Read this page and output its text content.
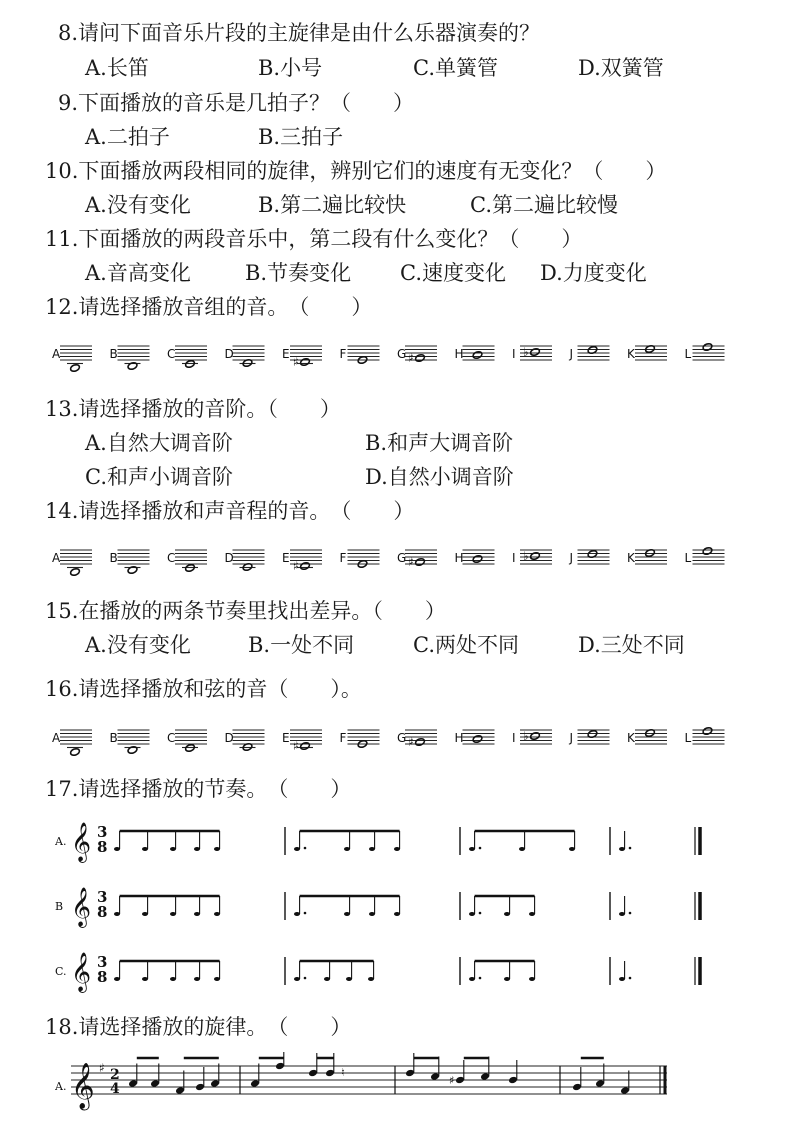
8.请问下面音乐片段的主旋律是由什么乐器演奏的？
A.长笛	B.小号	C.单簧管	D.双簧管
9.下面播放的音乐是几拍子？（　　）
A.二拍子	B.三拍子
10.下面播放两段相同的旋律，辨别它们的速度有无变化？（　　）
A.没有变化	B.第二遍比较快	C.第二遍比较慢
11.下面播放的两段音乐中，第二段有什么变化？（　　）
A.音高变化	B.节奏变化 C.速度变化 D.力度变化
12.请选择播放音组的音。　（　　）
A	B	C	D	E
♯
F	G ♯	H	I ♭	J	K	L
13.请选择播放的音阶。（　　）
A.自然大调音阶	B.和声大调音阶
C.和声小调音阶	D.自然小调音阶
14.请选择播放和声音程的音。　（　　）
A	B	C	D	E
♯
F	G ♯	H	I ♭	J	K	L
15.在播放的两条节奏里找出差异。（　　）
A.没有变化	B.一处不同	C.两处不同	D.三处不同
16.请选择播放和弦的音（　　）。
A	B	C	D	E
♯
F	G ♯	H	I ♭	J	K	L
17.请选择播放的节奏。　（　　）
A. 𝄞 3
8
B 𝄞 3
8
C. 𝄞 3
8
18.请选择播放的旋律。　（　　）
A. 𝄞 ♯ 2
4
♮
♯
